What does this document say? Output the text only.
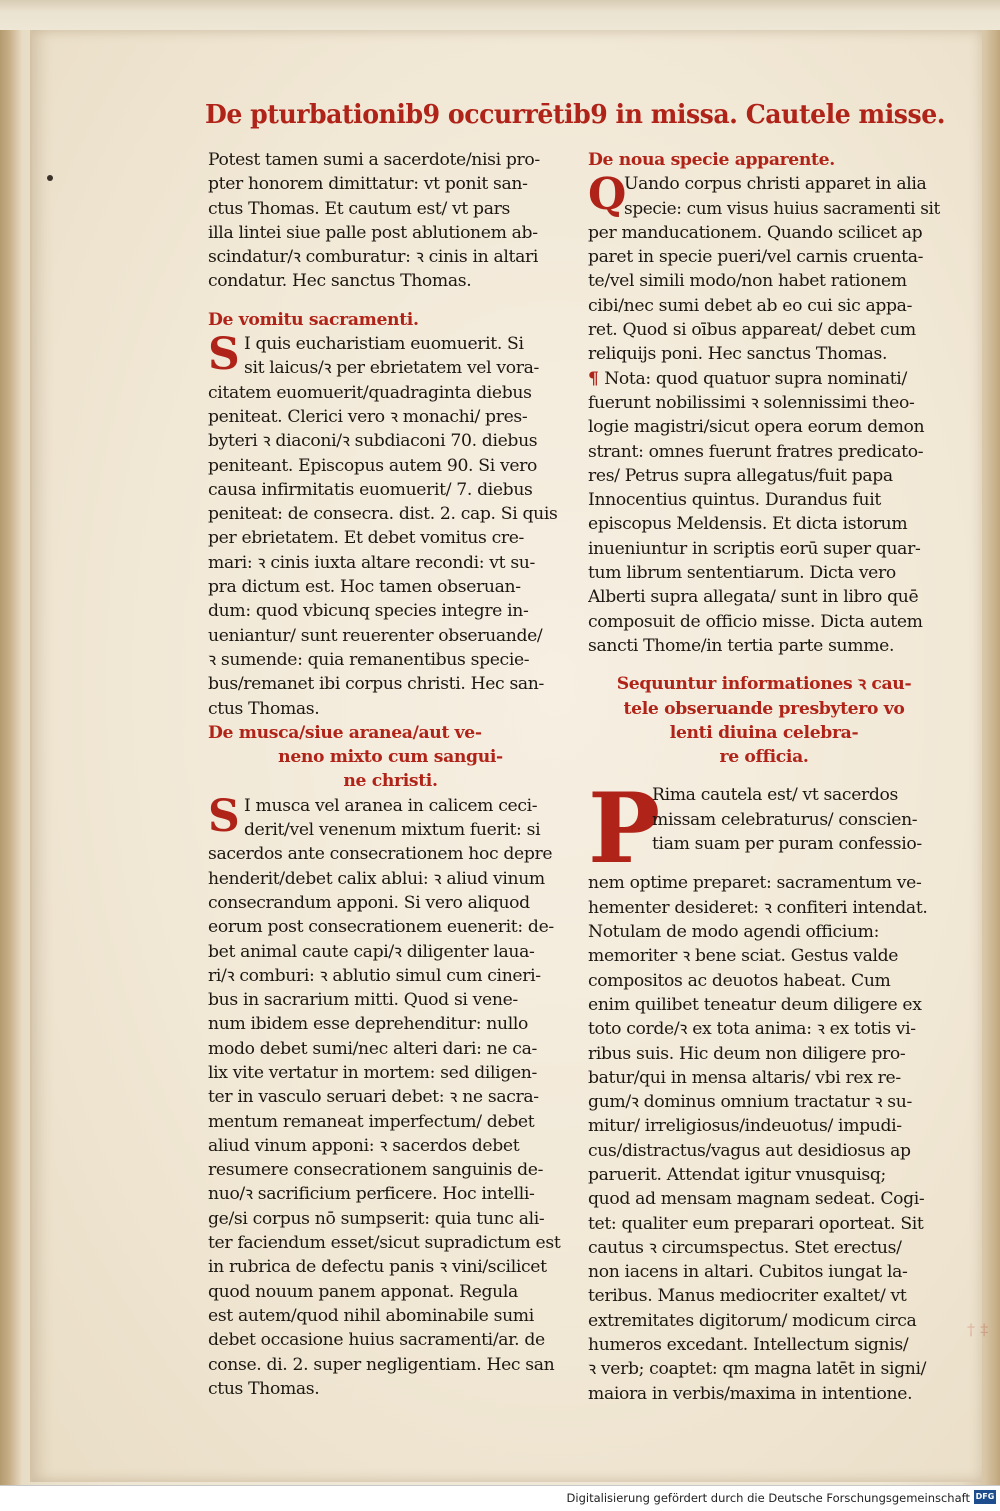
† ‡
De pturbationib9 occurrētib9 in missa. Cautele misse.
Potest tamen sumi a sacerdote/nisi pro-
pter honorem dimittatur: vt ponit san-
ctus Thomas. Et cautum est/ vt pars
illa lintei siue palle post ablutionem ab-
scindatur/ꝛ comburatur: ꝛ cinis in altari
condatur. Hec sanctus Thomas.
De vomitu sacramenti.
S I quis eucharistiam euomuerit. Si
sit laicus/ꝛ per ebrietatem vel vora-
citatem euomuerit/quadraginta diebus
peniteat. Clerici vero ꝛ monachi/ pres-
byteri ꝛ diaconi/ꝛ subdiaconi 70. diebus
peniteant. Episcopus autem 90. Si vero
causa infirmitatis euomuerit/ 7. diebus
peniteat: de consecra. dist. 2. cap. Si quis
per ebrietatem. Et debet vomitus cre-
mari: ꝛ cinis iuxta altare recondi: vt su-
pra dictum est. Hoc tamen obseruan-
dum: quod vbicunq species integre in-
ueniantur/ sunt reuerenter obseruande/
ꝛ sumende: quia remanentibus specie-
bus/remanet ibi corpus christi. Hec san-
ctus Thomas.
De musca/siue aranea/aut ve-
neno mixto cum sangui-
ne christi.
S I musca vel aranea in calicem ceci-
derit/vel venenum mixtum fuerit: si
sacerdos ante consecrationem hoc depre
henderit/debet calix ablui: ꝛ aliud vinum
consecrandum apponi. Si vero aliquod
eorum post consecrationem euenerit: de-
bet animal caute capi/ꝛ diligenter laua-
ri/ꝛ comburi: ꝛ ablutio simul cum cineri-
bus in sacrarium mitti. Quod si vene-
num ibidem esse deprehenditur: nullo
modo debet sumi/nec alteri dari: ne ca-
lix vite vertatur in mortem: sed diligen-
ter in vasculo seruari debet: ꝛ ne sacra-
mentum remaneat imperfectum/ debet
aliud vinum apponi: ꝛ sacerdos debet
resumere consecrationem sanguinis de-
nuo/ꝛ sacrificium perficere. Hoc intelli-
ge/si corpus nō sumpserit: quia tunc ali-
ter faciendum esset/sicut supradictum est
in rubrica de defectu panis ꝛ vini/scilicet
quod nouum panem apponat. Regula
est autem/quod nihil abominabile sumi
debet occasione huius sacramenti/ar. de
conse. di. 2. super negligentiam. Hec san
ctus Thomas.
De noua specie apparente.
Q
Uando corpus christi apparet in alia
specie: cum visus huius sacramenti sit
per manducationem. Quando scilicet ap
paret in specie pueri/vel carnis cruenta-
te/vel simili modo/non habet rationem
cibi/nec sumi debet ab eo cui sic appa-
ret. Quod si oībus appareat/ debet cum
reliquijs poni. Hec sanctus Thomas.
¶ Nota: quod quatuor supra nominati/
fuerunt nobilissimi ꝛ solennissimi theo-
logie magistri/sicut opera eorum demon
strant: omnes fuerunt fratres predicato-
res/ Petrus supra allegatus/fuit papa
Innocentius quintus. Durandus fuit
episcopus Meldensis. Et dicta istorum
inueniuntur in scriptis eorū super quar-
tum librum sententiarum. Dicta vero
Alberti supra allegata/ sunt in libro quē
composuit de officio misse. Dicta autem
sancti Thome/in tertia parte summe.
Sequuntur informationes ꝛ cau-
tele obseruande presbytero vo
lenti diuina celebra-
re officia.
P
Rima cautela est/ vt sacerdos
missam celebraturus/ conscien-
tiam suam per puram confessio-
nem optime preparet: sacramentum ve-
hementer desideret: ꝛ confiteri intendat.
Notulam de modo agendi officium:
memoriter ꝛ bene sciat. Gestus valde
compositos ac deuotos habeat. Cum
enim quilibet teneatur deum diligere ex
toto corde/ꝛ ex tota anima: ꝛ ex totis vi-
ribus suis. Hic deum non diligere pro-
batur/qui in mensa altaris/ vbi rex re-
gum/ꝛ dominus omnium tractatur ꝛ su-
mitur/ irreligiosus/indeuotus/ impudi-
cus/distractus/vagus aut desidiosus ap
paruerit. Attendat igitur vnusquisq;
quod ad mensam magnam sedeat. Cogi-
tet: qualiter eum preparari oporteat. Sit
cautus ꝛ circumspectus. Stet erectus/
non iacens in altari. Cubitos iungat la-
teribus. Manus mediocriter exaltet/ vt
extremitates digitorum/ modicum circa
humeros excedant. Intellectum signis/
ꝛ verb; coaptet: qm magna latēt in signi/
maiora in verbis/maxima in intentione.
Digitalisierung gefördert durch die Deutsche Forschungsgemeinschaft DFG
